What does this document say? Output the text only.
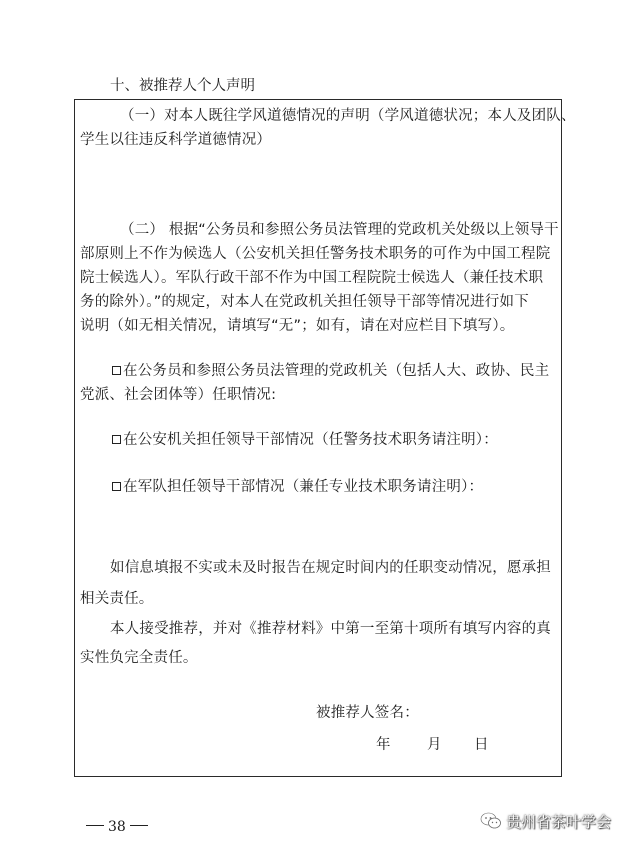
十、被推荐人个人声明
（一）对本人既往学风道德情况的声明（学风道德状况；本人及团队、
学生以往违反科学道德情况）
（二） 根据“公务员和参照公务员法管理的党政机关处级以上领导干
部原则上不作为候选人（公安机关担任警务技术职务的可作为中国工程院
院士候选人）。军队行政干部不作为中国工程院院士候选人（兼任技术职
务的除外）。”的规定，对本人在党政机关担任领导干部等情况进行如下
说明（如无相关情况，请填写“无”；如有，请在对应栏目下填写）。
在公务员和参照公务员法管理的党政机关（包括人大、政协、民主
党派、社会团体等）任职情况:
在公安机关担任领导干部情况（任警务技术职务请注明）：
在军队担任领导干部情况（兼任专业技术职务请注明）：
如信息填报不实或未及时报告在规定时间内的任职变动情况，愿承担
相关责任。
本人接受推荐，并对《推荐材料》中第一至第十项所有填写内容的真
实性负完全责任。
被推荐人签名：
年	月 日
38	贵州省茶叶学会
